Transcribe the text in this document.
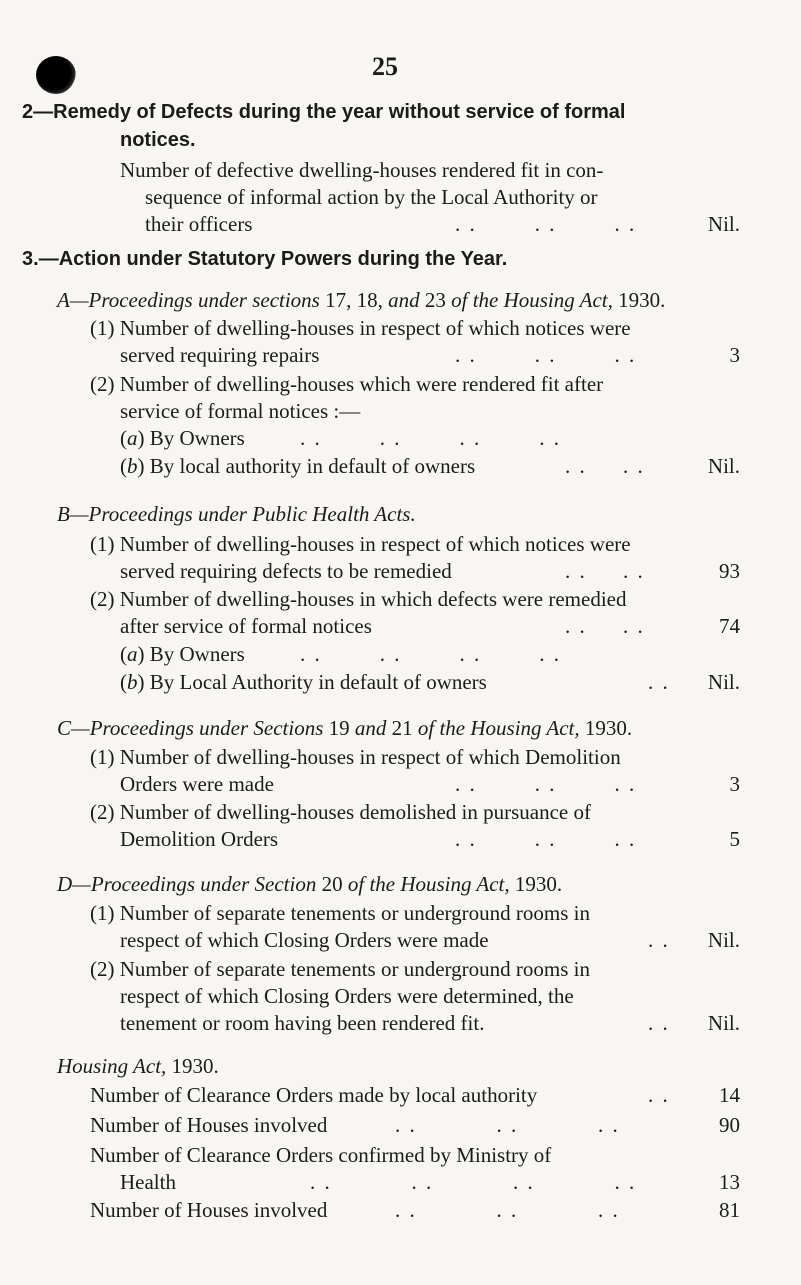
25
2—Remedy of Defects during the year without service of formal
notices.
Number of defective dwelling-houses rendered fit in con-
sequence of informal action by the Local Authority or
their officers	. .        . .        . .	Nil.
3.—Action under Statutory Powers during the Year.
A—Proceedings under sections 17, 18, and 23 of the Housing Act, 1930.
(1) Number of dwelling-houses in respect of which notices were
served requiring repairs	. .        . .        . .	3
(2) Number of dwelling-houses which were rendered fit after
service of formal notices :—
(a) By Owners	. .        . .        . .        . .
(b) By local authority in default of owners	. .     . .	Nil.
B—Proceedings under Public Health Acts.
(1) Number of dwelling-houses in respect of which notices were
served requiring defects to be remedied	. .     . .	93
(2) Number of dwelling-houses in which defects were remedied
after service of formal notices	. .     . .	74
(a) By Owners	. .        . .        . .        . .
(b) By Local Authority in default of owners	. .	Nil.
C—Proceedings under Sections 19 and 21 of the Housing Act, 1930.
(1) Number of dwelling-houses in respect of which Demolition
Orders were made	. .        . .        . .	3
(2) Number of dwelling-houses demolished in pursuance of
Demolition Orders	. .        . .        . .	5
D—Proceedings under Section 20 of the Housing Act, 1930.
(1) Number of separate tenements or underground rooms in
respect of which Closing Orders were made	. .	Nil.
(2) Number of separate tenements or underground rooms in
respect of which Closing Orders were determined, the
tenement or room having been rendered fit.	. .	Nil.
Housing Act, 1930.
Number of Clearance Orders made by local authority	. .	14
Number of Houses involved	. .           . .           . .	90
Number of Clearance Orders confirmed by Ministry of
Health	. .           . .           . .           . .	13
Number of Houses involved	. .           . .           . .	81
